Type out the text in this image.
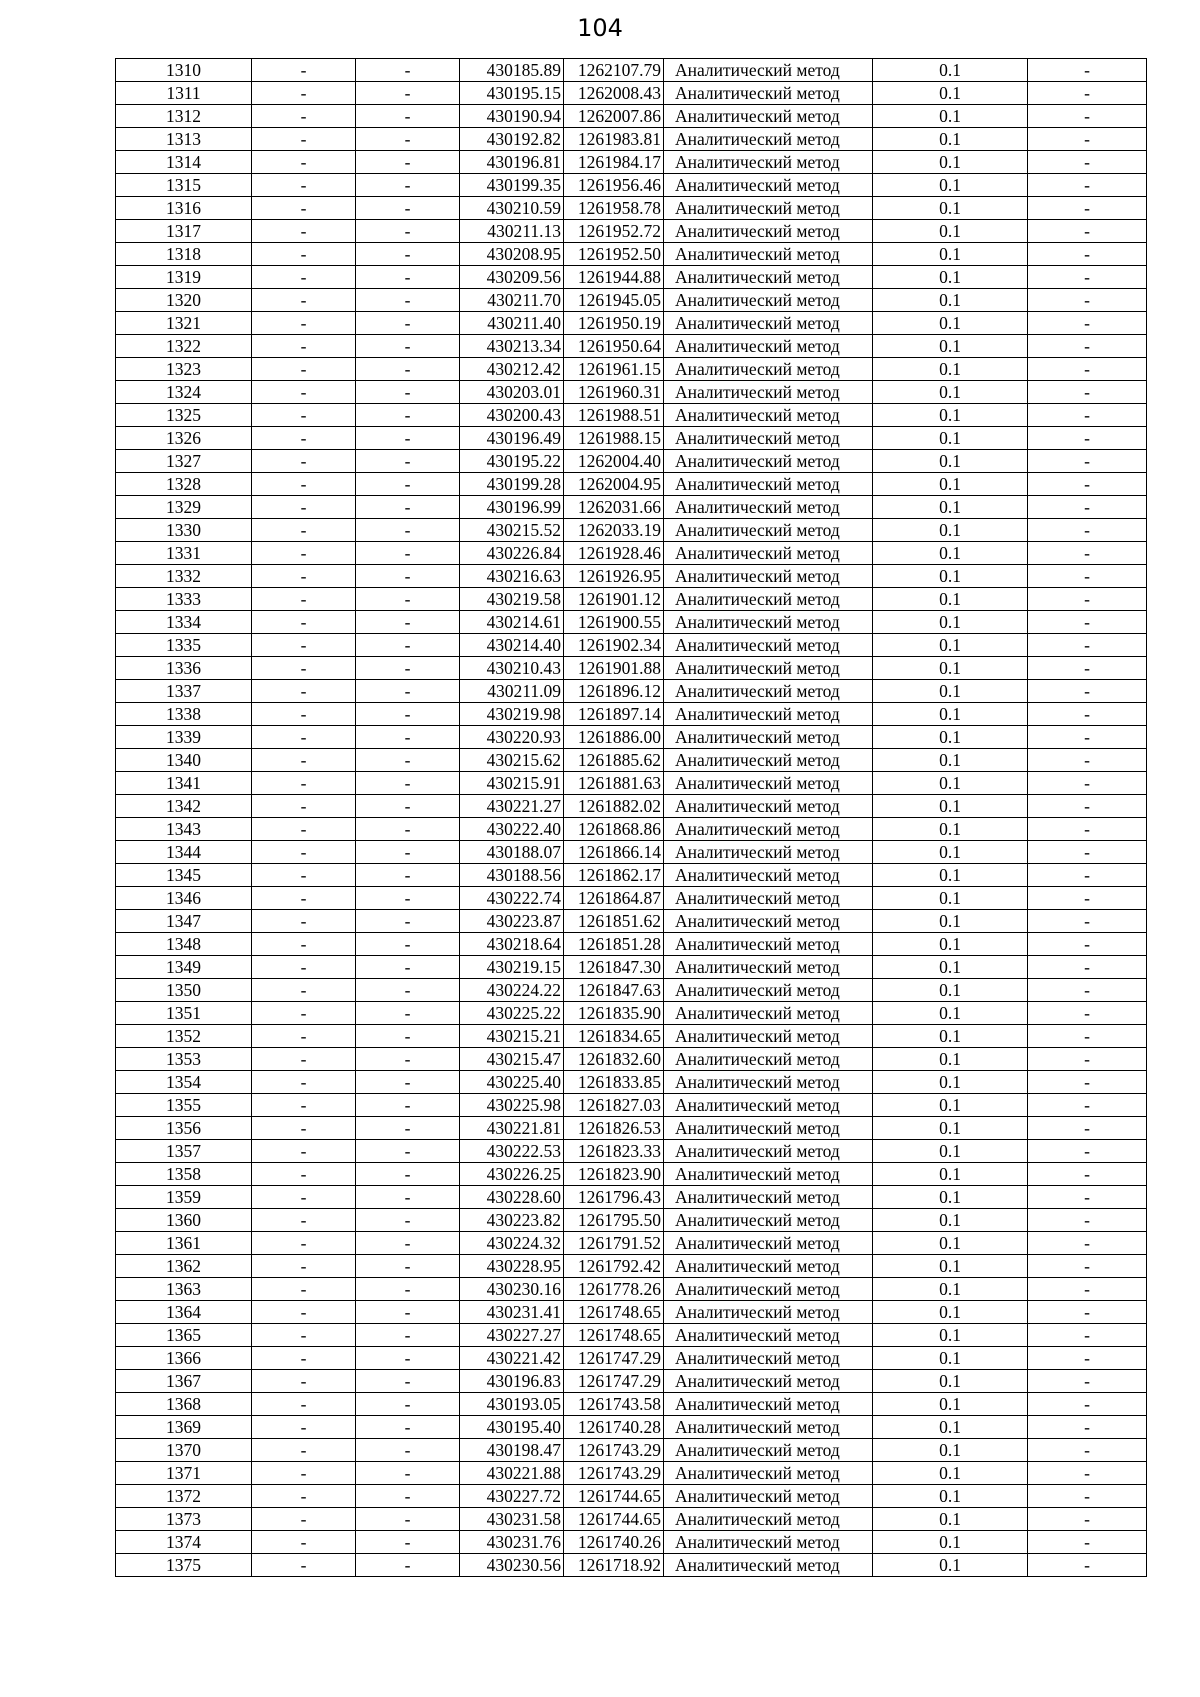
104
1310	-	-	430185.89	1262107.79	Аналитический метод	0.1	-
1311	-	-	430195.15	1262008.43	Аналитический метод	0.1	-
1312	-	-	430190.94	1262007.86	Аналитический метод	0.1	-
1313	-	-	430192.82	1261983.81	Аналитический метод	0.1	-
1314	-	-	430196.81	1261984.17	Аналитический метод	0.1	-
1315	-	-	430199.35	1261956.46	Аналитический метод	0.1	-
1316	-	-	430210.59	1261958.78	Аналитический метод	0.1	-
1317	-	-	430211.13	1261952.72	Аналитический метод	0.1	-
1318	-	-	430208.95	1261952.50	Аналитический метод	0.1	-
1319	-	-	430209.56	1261944.88	Аналитический метод	0.1	-
1320	-	-	430211.70	1261945.05	Аналитический метод	0.1	-
1321	-	-	430211.40	1261950.19	Аналитический метод	0.1	-
1322	-	-	430213.34	1261950.64	Аналитический метод	0.1	-
1323	-	-	430212.42	1261961.15	Аналитический метод	0.1	-
1324	-	-	430203.01	1261960.31	Аналитический метод	0.1	-
1325	-	-	430200.43	1261988.51	Аналитический метод	0.1	-
1326	-	-	430196.49	1261988.15	Аналитический метод	0.1	-
1327	-	-	430195.22	1262004.40	Аналитический метод	0.1	-
1328	-	-	430199.28	1262004.95	Аналитический метод	0.1	-
1329	-	-	430196.99	1262031.66	Аналитический метод	0.1	-
1330	-	-	430215.52	1262033.19	Аналитический метод	0.1	-
1331	-	-	430226.84	1261928.46	Аналитический метод	0.1	-
1332	-	-	430216.63	1261926.95	Аналитический метод	0.1	-
1333	-	-	430219.58	1261901.12	Аналитический метод	0.1	-
1334	-	-	430214.61	1261900.55	Аналитический метод	0.1	-
1335	-	-	430214.40	1261902.34	Аналитический метод	0.1	-
1336	-	-	430210.43	1261901.88	Аналитический метод	0.1	-
1337	-	-	430211.09	1261896.12	Аналитический метод	0.1	-
1338	-	-	430219.98	1261897.14	Аналитический метод	0.1	-
1339	-	-	430220.93	1261886.00	Аналитический метод	0.1	-
1340	-	-	430215.62	1261885.62	Аналитический метод	0.1	-
1341	-	-	430215.91	1261881.63	Аналитический метод	0.1	-
1342	-	-	430221.27	1261882.02	Аналитический метод	0.1	-
1343	-	-	430222.40	1261868.86	Аналитический метод	0.1	-
1344	-	-	430188.07	1261866.14	Аналитический метод	0.1	-
1345	-	-	430188.56	1261862.17	Аналитический метод	0.1	-
1346	-	-	430222.74	1261864.87	Аналитический метод	0.1	-
1347	-	-	430223.87	1261851.62	Аналитический метод	0.1	-
1348	-	-	430218.64	1261851.28	Аналитический метод	0.1	-
1349	-	-	430219.15	1261847.30	Аналитический метод	0.1	-
1350	-	-	430224.22	1261847.63	Аналитический метод	0.1	-
1351	-	-	430225.22	1261835.90	Аналитический метод	0.1	-
1352	-	-	430215.21	1261834.65	Аналитический метод	0.1	-
1353	-	-	430215.47	1261832.60	Аналитический метод	0.1	-
1354	-	-	430225.40	1261833.85	Аналитический метод	0.1	-
1355	-	-	430225.98	1261827.03	Аналитический метод	0.1	-
1356	-	-	430221.81	1261826.53	Аналитический метод	0.1	-
1357	-	-	430222.53	1261823.33	Аналитический метод	0.1	-
1358	-	-	430226.25	1261823.90	Аналитический метод	0.1	-
1359	-	-	430228.60	1261796.43	Аналитический метод	0.1	-
1360	-	-	430223.82	1261795.50	Аналитический метод	0.1	-
1361	-	-	430224.32	1261791.52	Аналитический метод	0.1	-
1362	-	-	430228.95	1261792.42	Аналитический метод	0.1	-
1363	-	-	430230.16	1261778.26	Аналитический метод	0.1	-
1364	-	-	430231.41	1261748.65	Аналитический метод	0.1	-
1365	-	-	430227.27	1261748.65	Аналитический метод	0.1	-
1366	-	-	430221.42	1261747.29	Аналитический метод	0.1	-
1367	-	-	430196.83	1261747.29	Аналитический метод	0.1	-
1368	-	-	430193.05	1261743.58	Аналитический метод	0.1	-
1369	-	-	430195.40	1261740.28	Аналитический метод	0.1	-
1370	-	-	430198.47	1261743.29	Аналитический метод	0.1	-
1371	-	-	430221.88	1261743.29	Аналитический метод	0.1	-
1372	-	-	430227.72	1261744.65	Аналитический метод	0.1	-
1373	-	-	430231.58	1261744.65	Аналитический метод	0.1	-
1374	-	-	430231.76	1261740.26	Аналитический метод	0.1	-
1375	-	-	430230.56	1261718.92	Аналитический метод	0.1	-
